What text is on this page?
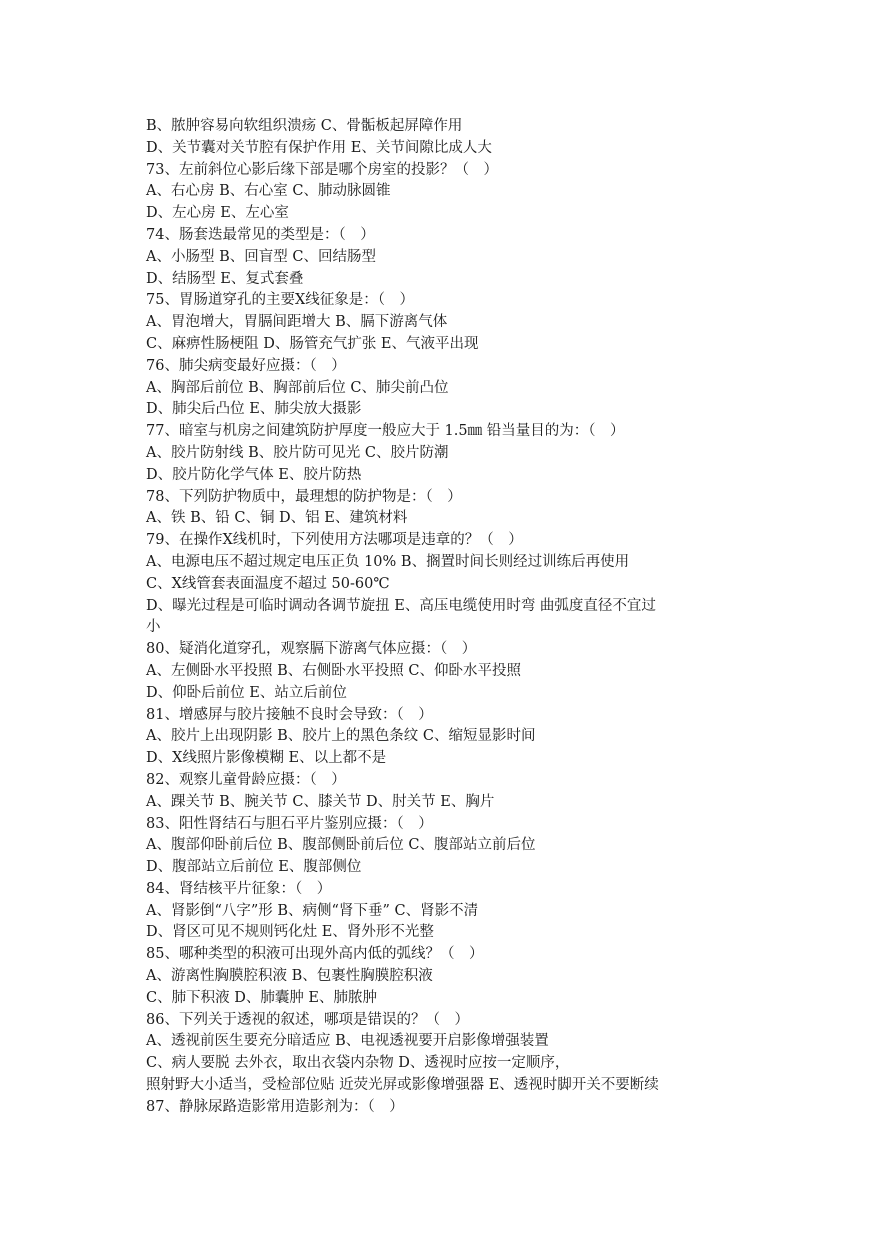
B、脓肿容易向软组织溃疡 C、骨骺板起屏障作用
D、关节囊对关节腔有保护作用 E、关节间隙比成人大
73、左前斜位心影后缘下部是哪个房室的投影？（　）
A、右心房 B、右心室 C、肺动脉圆锥
D、左心房 E、左心室
74、肠套迭最常见的类型是：（　）
A、小肠型 B、回盲型 C、回结肠型
D、结肠型 E、复式套叠
75、胃肠道穿孔的主要X线征象是：（　）
A、胃泡增大，胃膈间距增大 B、膈下游离气体
C、麻痹性肠梗阻 D、肠管充气扩张 E、气液平出现
76、肺尖病变最好应摄：（　）
A、胸部后前位 B、胸部前后位 C、肺尖前凸位
D、肺尖后凸位 E、肺尖放大摄影
77、暗室与机房之间建筑防护厚度一般应大于 1.5㎜ 铅当量目的为：（　）
A、胶片防射线 B、胶片防可见光 C、胶片防潮
D、胶片防化学气体 E、胶片防热
78、下列防护物质中，最理想的防护物是：（　）
A、铁 B、铅 C、铜 D、铝 E、建筑材料
79、在操作X线机时，下列使用方法哪项是违章的？（　）
A、电源电压不超过规定电压正负 10% B、搁置时间长则经过训练后再使用
C、X线管套表面温度不超过 50-60℃
D、曝光过程是可临时调动各调节旋扭 E、高压电缆使用时弯 曲弧度直径不宜过
小
80、疑消化道穿孔，观察膈下游离气体应摄：（　）
A、左侧卧水平投照 B、右侧卧水平投照 C、仰卧水平投照
D、仰卧后前位 E、站立后前位
81、增感屏与胶片接触不良时会导致：（　）
A、胶片上出现阴影 B、胶片上的黑色条纹 C、缩短显影时间
D、X线照片影像模糊 E、以上都不是
82、观察儿童骨龄应摄：（　）
A、踝关节 B、腕关节 C、膝关节 D、肘关节 E、胸片
83、阳性肾结石与胆石平片鉴别应摄：（　）
A、腹部仰卧前后位 B、腹部侧卧前后位 C、腹部站立前后位
D、腹部站立后前位 E、腹部侧位
84、肾结核平片征象：（　）
A、肾影倒“八字”形 B、病侧“肾下垂” C、肾影不清
D、肾区可见不规则钙化灶 E、肾外形不光整
85、哪种类型的积液可出现外高内低的弧线？（　）
A、游离性胸膜腔积液 B、包裹性胸膜腔积液
C、肺下积液 D、肺囊肿 E、肺脓肿
86、下列关于透视的叙述，哪项是错误的？（　）
A、透视前医生要充分暗适应 B、电视透视要开启影像增强装置
C、病人要脱 去外衣，取出衣袋内杂物 D、透视时应按一定顺序，
照射野大小适当，受检部位贴 近荧光屏或影像增强器 E、透视时脚开关不要断续
87、静脉尿路造影常用造影剂为：（　）
